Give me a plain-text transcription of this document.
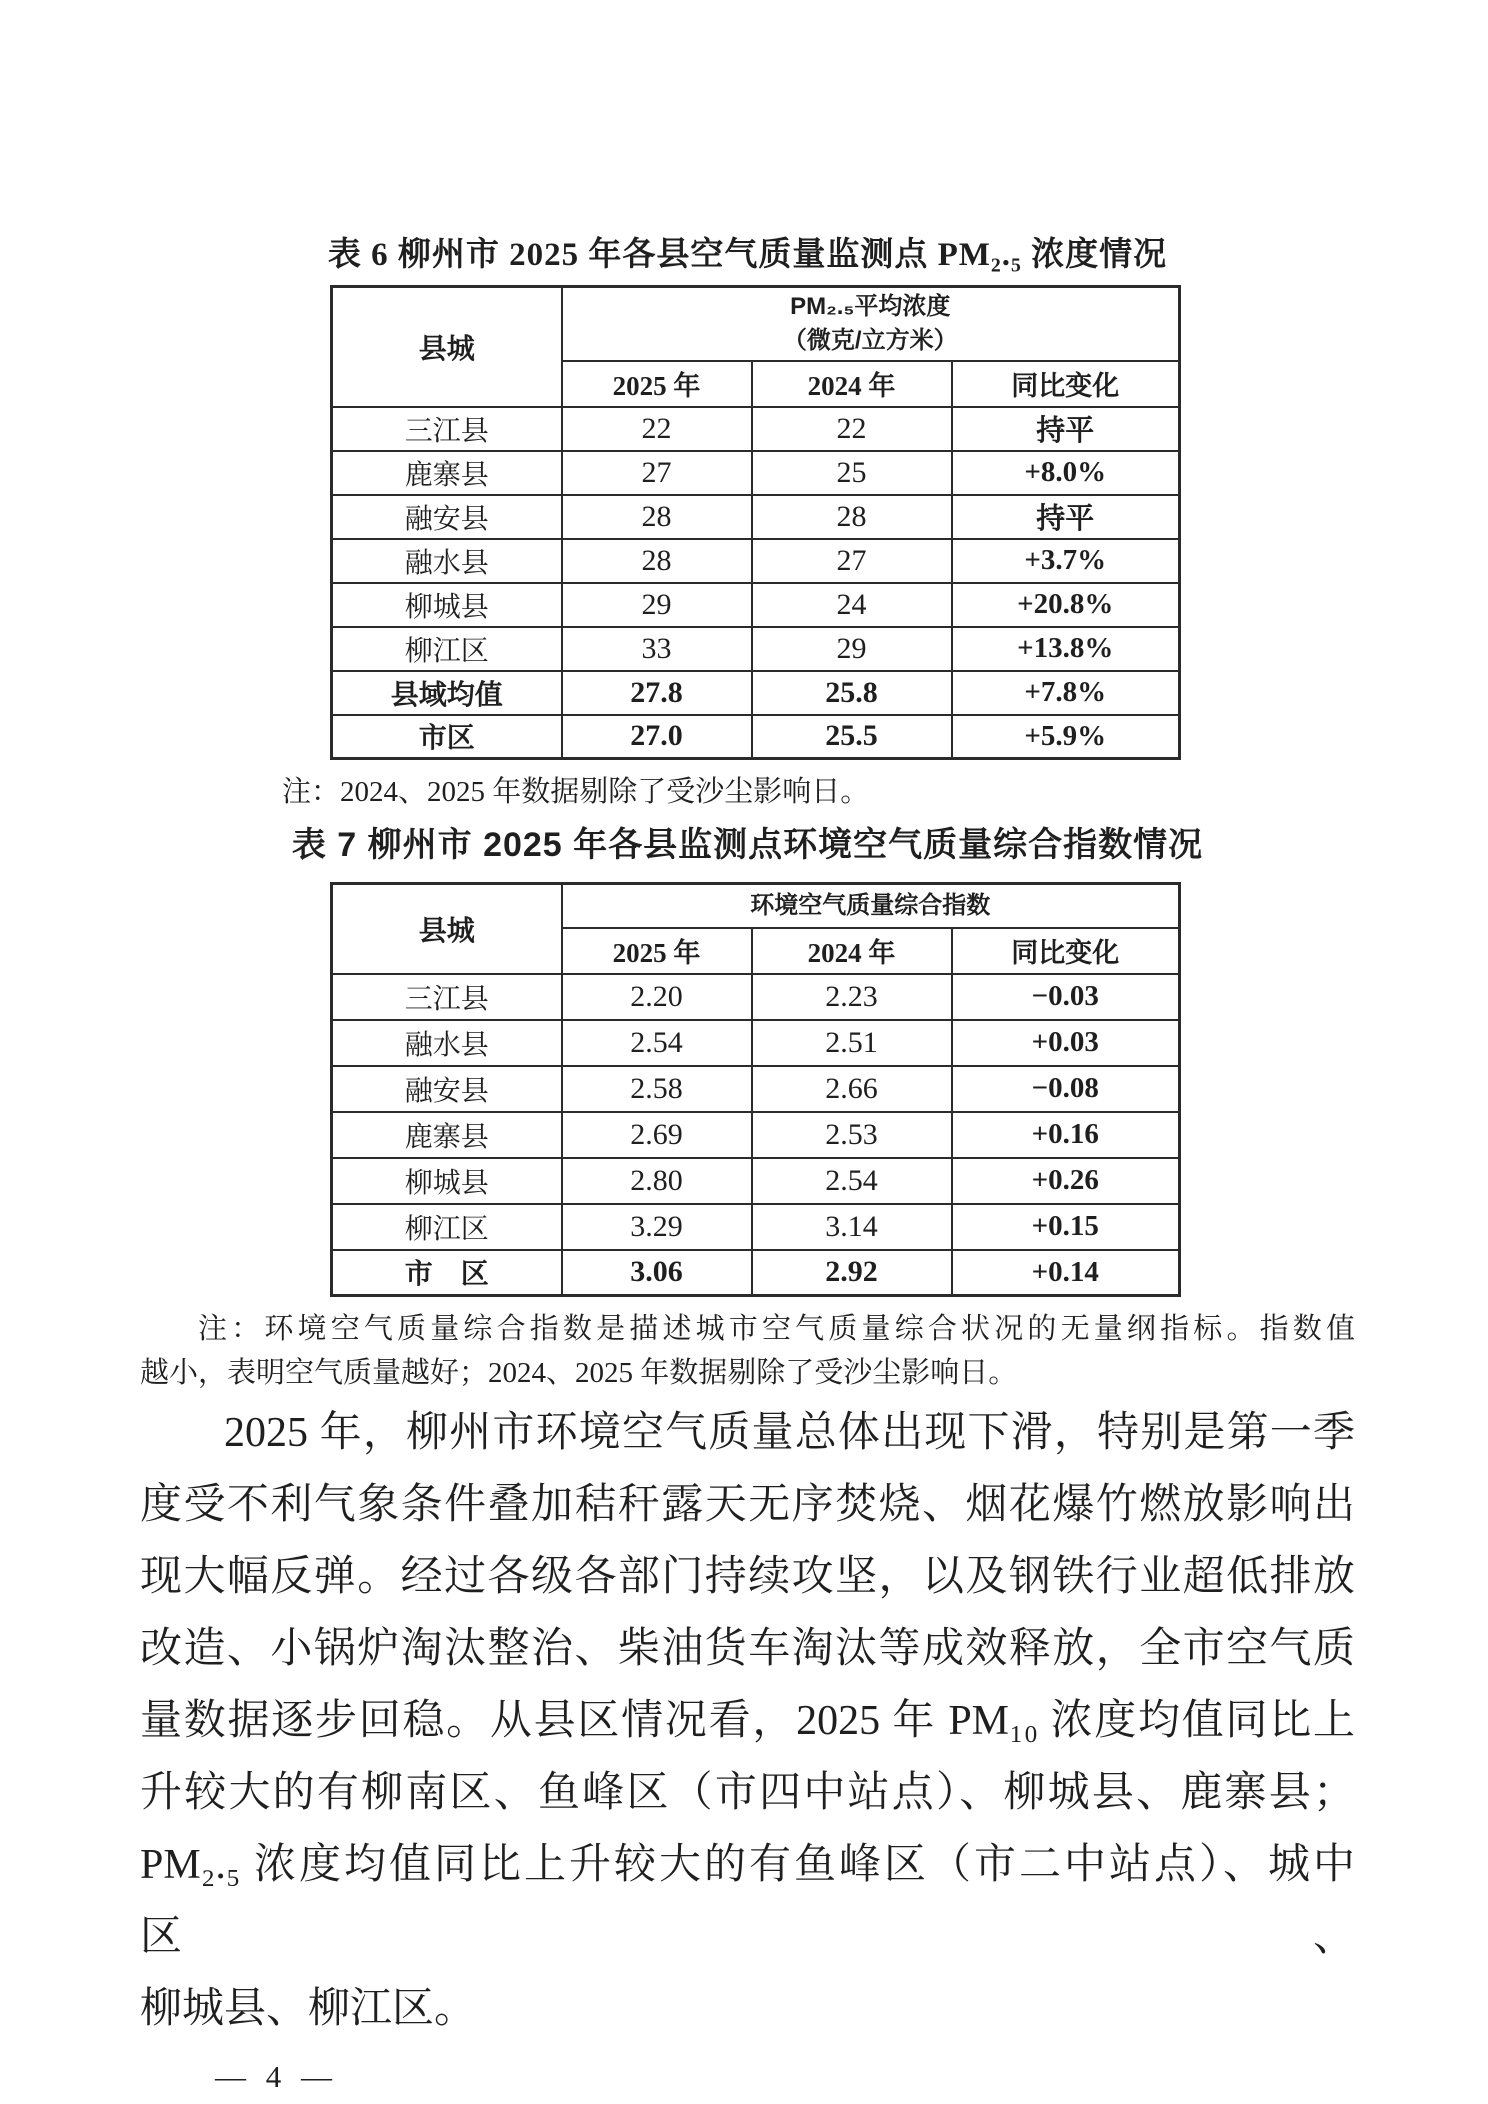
表 6 柳州市 2025 年各县空气质量监测点 PM₂.₅ 浓度情况
县城	PM₂.₅平均浓度
（微克/立方米）		

	2025 年	2024 年	同比变化
三江县	22	22	持平
鹿寨县	27	25	+8.0%
融安县	28	28	持平
融水县	28	27	+3.7%
柳城县	29	24	+20.8%
柳江区	33	29	+13.8%
县域均值	27.8	25.8	+7.8%
市区	27.0	25.5	+5.9%
注：2024、2025 年数据剔除了受沙尘影响日。
表 7 柳州市 2025 年各县监测点环境空气质量综合指数情况
县城	环境空气质量综合指数		
	2025 年	2024 年	同比变化
三江县	2.20	2.23	−0.03
融水县	2.54	2.51	+0.03
融安县	2.58	2.66	−0.08
鹿寨县	2.69	2.53	+0.16
柳城县	2.80	2.54	+0.26
柳江区	3.29	3.14	+0.15
市　区	3.06	2.92	+0.14
注：环境空气质量综合指数是描述城市空气质量综合状况的无量纲指标。指数值
越小，表明空气质量越好；2024、2025 年数据剔除了受沙尘影响日。
2025 年，柳州市环境空气质量总体出现下滑，特别是第一季
度受不利气象条件叠加秸秆露天无序焚烧、烟花爆竹燃放影响出
现大幅反弹。经过各级各部门持续攻坚，以及钢铁行业超低排放
改造、小锅炉淘汰整治、柴油货车淘汰等成效释放，全市空气质
量数据逐步回稳。从县区情况看，2025 年 PM₁₀ 浓度均值同比上
升较大的有柳南区、鱼峰区（市四中站点）、柳城县、鹿寨县；
PM₂.₅ 浓度均值同比上升较大的有鱼峰区（市二中站点）、城中区、
柳城县、柳江区。
— 4 —
